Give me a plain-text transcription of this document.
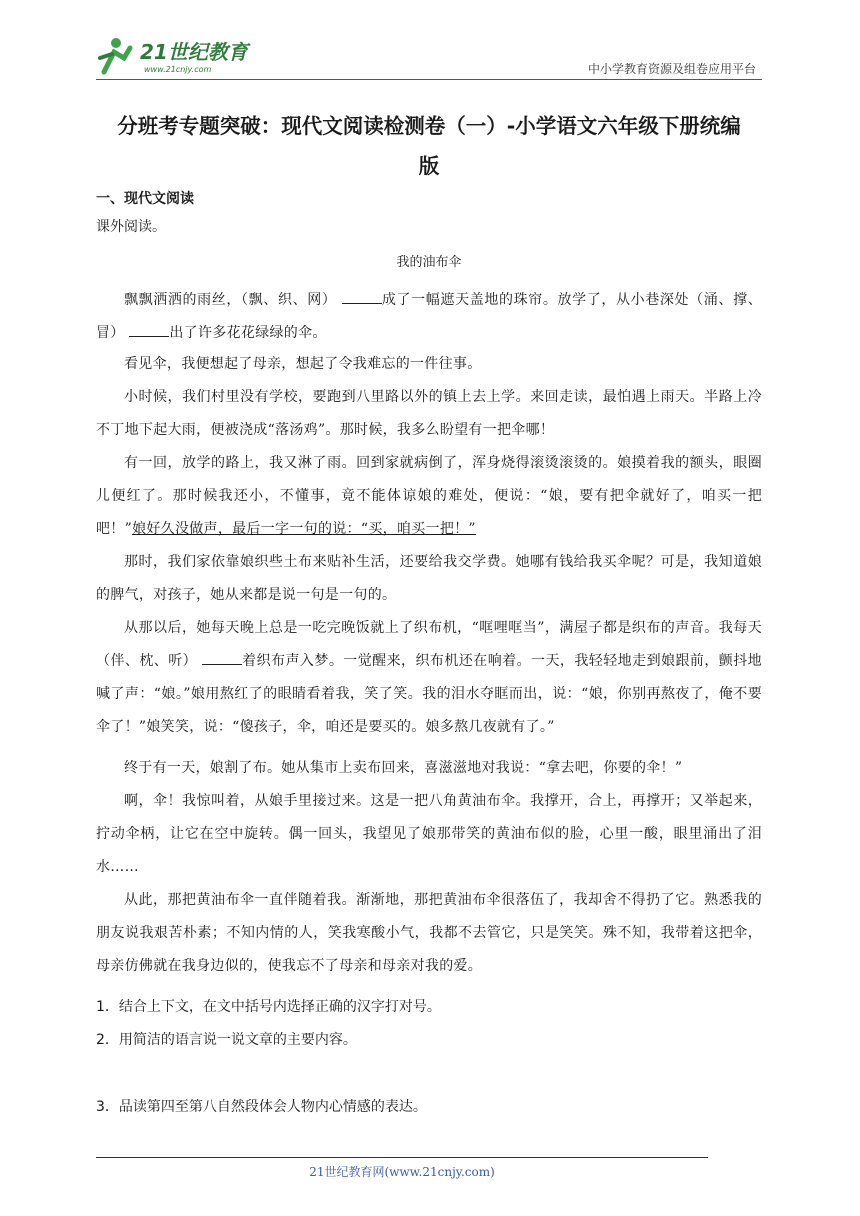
21世纪教育
www.21cnjy.com	中小学教育资源及组卷应用平台
分班考专题突破：现代文阅读检测卷（一）-小学语文六年级下册统编
版
一、现代文阅读
课外阅读。
我的油布伞
飘飘洒洒的雨丝，（飘、织、网）	成了一幅遮天盖地的珠帘。放学了，从小巷深处（涌、撑、冒）	出了许多花花绿绿的伞。
看见伞，我便想起了母亲，想起了令我难忘的一件往事。
小时候，我们村里没有学校，要跑到八里路以外的镇上去上学。来回走读，最怕遇上雨天。半路上冷不丁地下起大雨，便被浇成“落汤鸡”。那时候，我多么盼望有一把伞哪！
有一回，放学的路上，我又淋了雨。回到家就病倒了，浑身烧得滚烫滚烫的。娘摸着我的额头，眼圈儿便红了。那时候我还小，不懂事，竟不能体谅娘的难处，便说：“娘，要有把伞就好了，咱买一把吧！”娘好久没做声，最后一字一句的说：“买，咱买一把！”
那时，我们家依靠娘织些土布来贴补生活，还要给我交学费。她哪有钱给我买伞呢？可是，我知道娘的脾气，对孩子，她从来都是说一句是一句的。
从那以后，她每天晚上总是一吃完晚饭就上了织布机，“哐哩哐当”，满屋子都是织布的声音。我每天（伴、枕、听）	着织布声入梦。一觉醒来，织布机还在响着。一天，我轻轻地走到娘跟前，颤抖地喊了声：“娘。”娘用熬红了的眼睛看着我，笑了笑。我的泪水夺眶而出，说：“娘，你别再熬夜了，俺不要伞了！”娘笑笑，说：“傻孩子，伞，咱还是要买的。娘多熬几夜就有了。”
终于有一天，娘割了布。她从集市上卖布回来，喜滋滋地对我说：“拿去吧，你要的伞！”
啊，伞！我惊叫着，从娘手里接过来。这是一把八角黄油布伞。我撑开，合上，再撑开；又举起来，拧动伞柄，让它在空中旋转。偶一回头，我望见了娘那带笑的黄油布似的脸，心里一酸，眼里涌出了泪水……
从此，那把黄油布伞一直伴随着我。渐渐地，那把黄油布伞很落伍了，我却舍不得扔了它。熟悉我的朋友说我艰苦朴素；不知内情的人，笑我寒酸小气，我都不去管它，只是笑笑。殊不知，我带着这把伞，母亲仿佛就在我身边似的，使我忘不了母亲和母亲对我的爱。
1．结合上下文，在文中括号内选择正确的汉字打对号。
2．用简洁的语言说一说文章的主要内容。
3．品读第四至第八自然段体会人物内心情感的表达。
21世纪教育网(www.21cnjy.com)
